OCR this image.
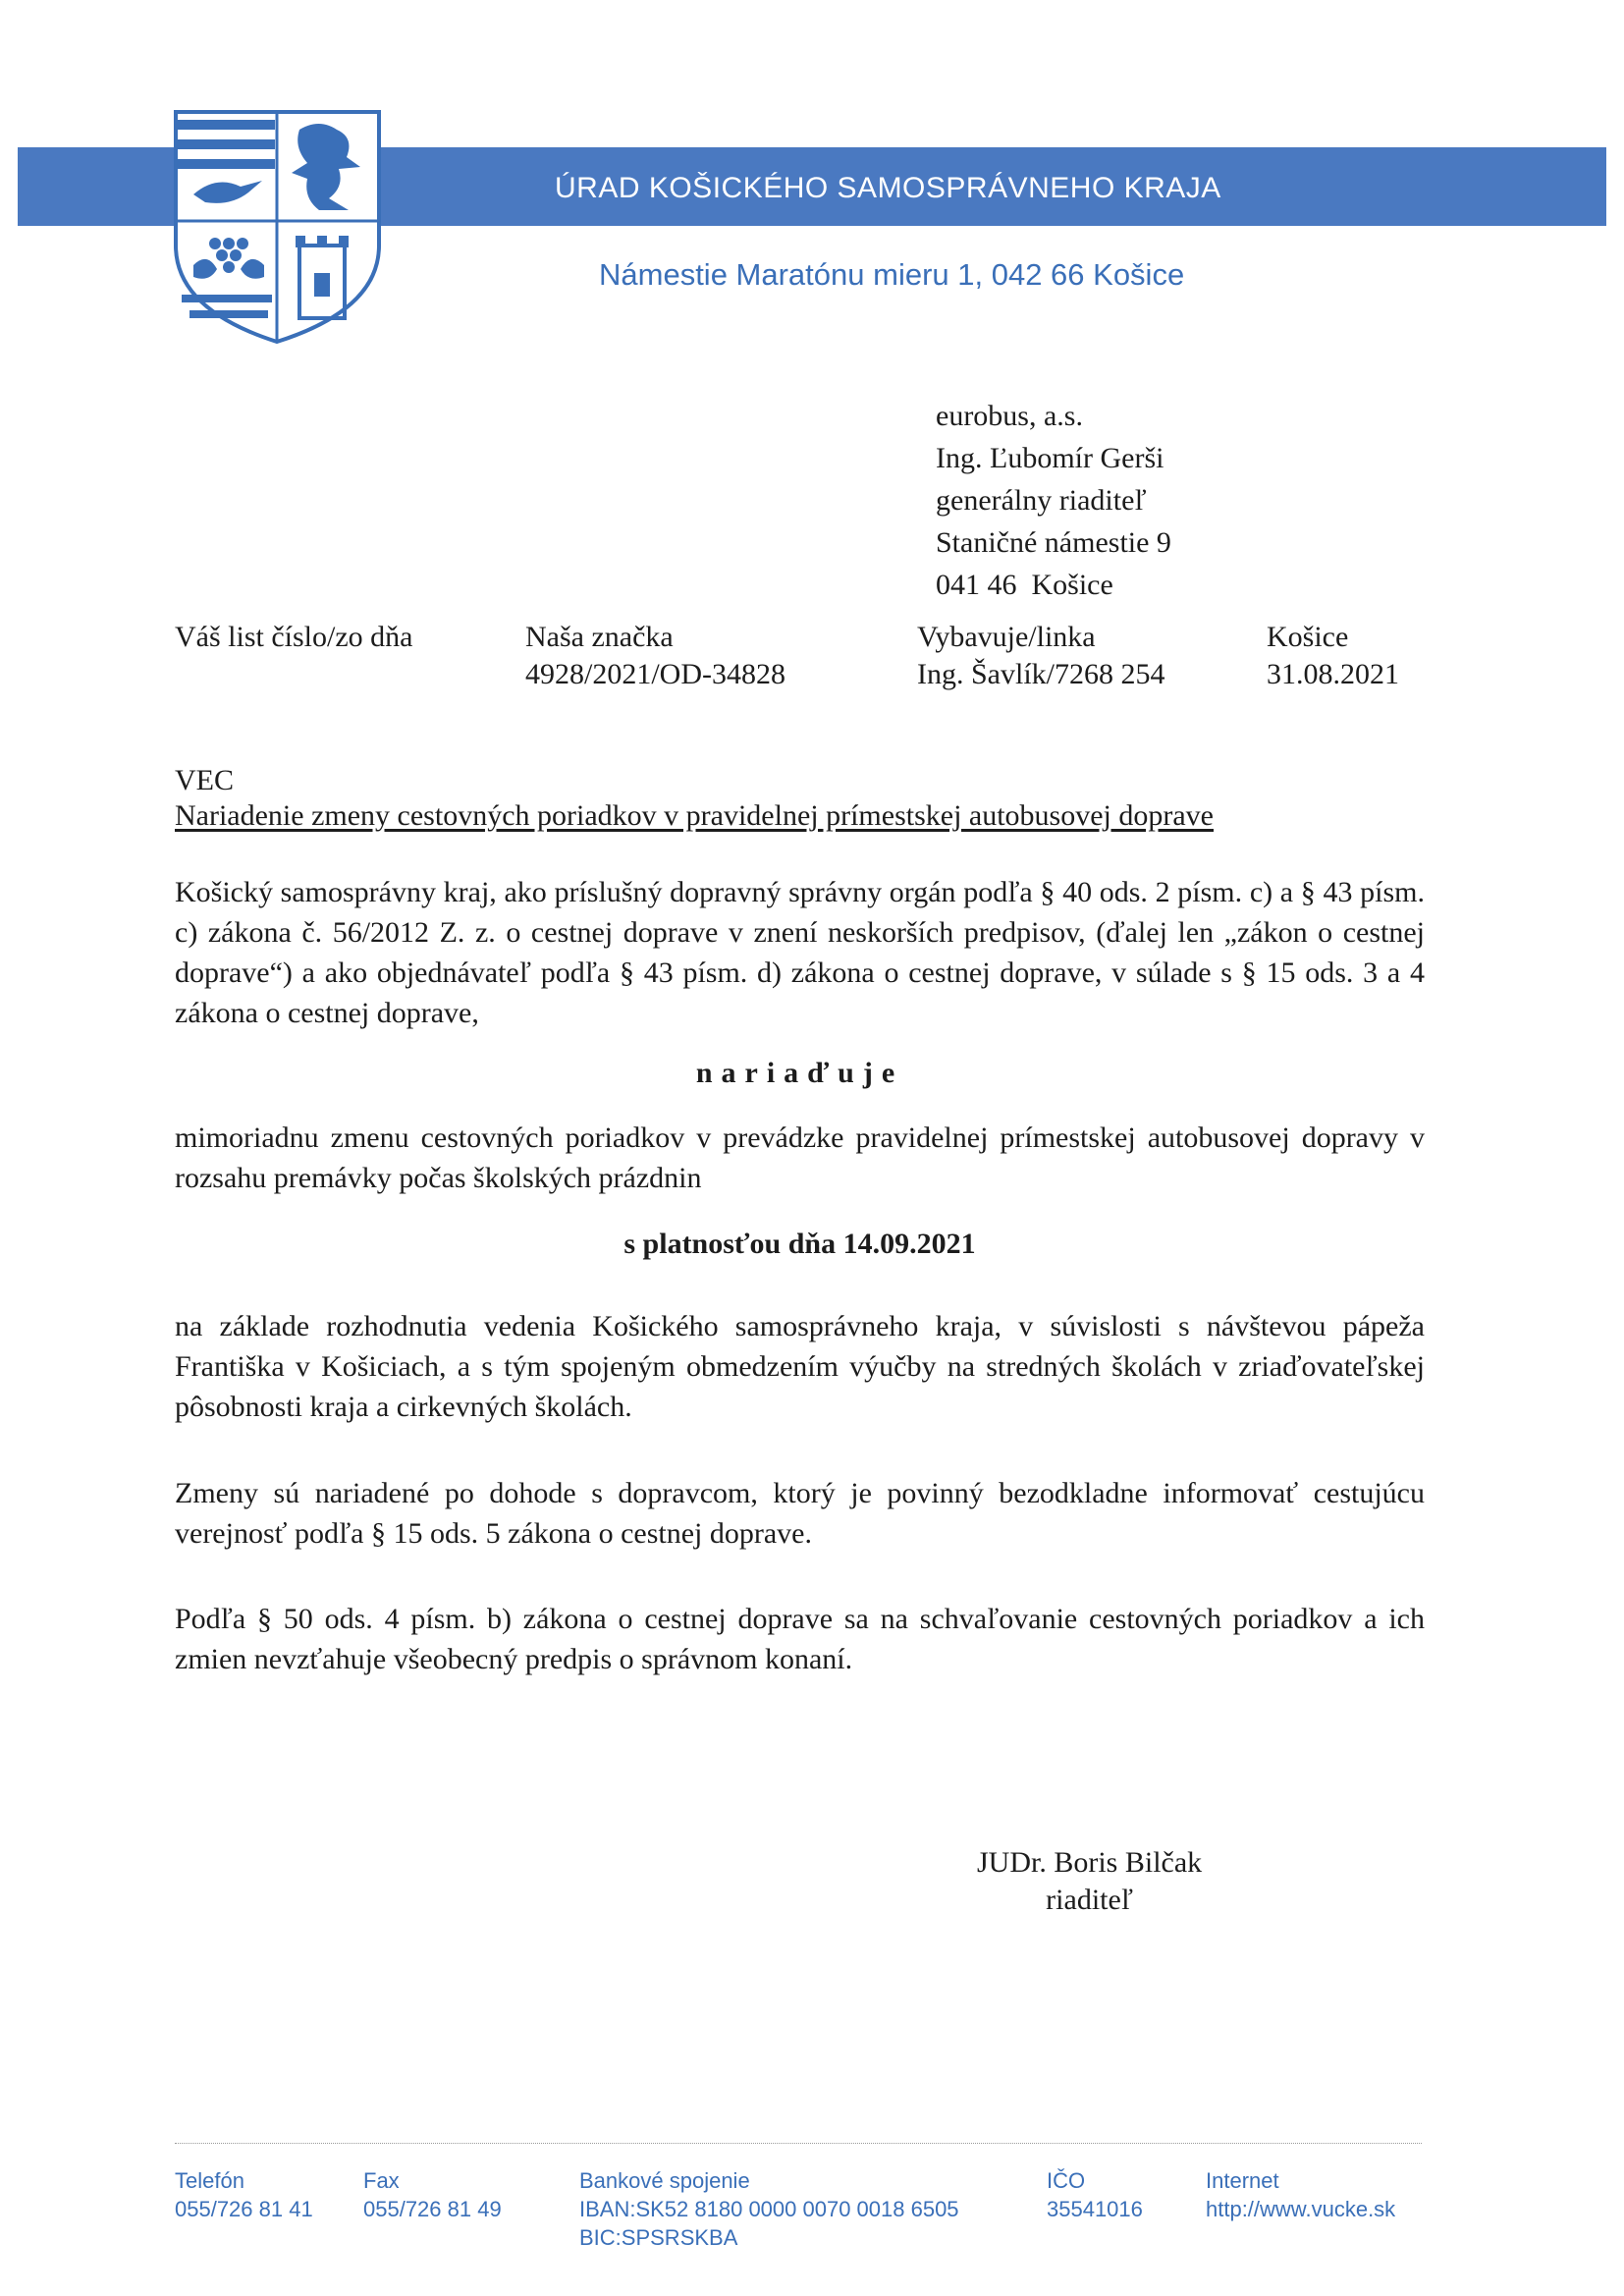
ÚRAD KOŠICKÉHO SAMOSPRÁVNEHO KRAJA
Námestie Maratónu mieru 1, 042 66 Košice
eurobus, a.s.
Ing. Ľubomír Gerši
generálny riaditeľ
Staničné námestie 9
041 46  Košice
Váš list číslo/zo dňa	Naša značka
4928/2021/OD-34828
Vybavuje/linka
Ing. Šavlík/7268 254
Košice
31.08.2021
VEC
Nariadenie zmeny cestovných poriadkov v pravidelnej prímestskej autobusovej doprave
Košický samosprávny kraj, ako príslušný dopravný správny orgán podľa § 40 ods. 2 písm. c) a § 43 písm. c) zákona č. 56/2012 Z. z. o cestnej doprave v znení neskorších predpisov, (ďalej len „zákon o cestnej doprave“) a ako objednávateľ podľa § 43 písm. d) zákona o cestnej doprave, v súlade s § 15 ods. 3 a 4 zákona o cestnej doprave,
nariaďuje
mimoriadnu zmenu cestovných poriadkov v prevádzke pravidelnej prímestskej autobusovej dopravy v rozsahu premávky počas školských prázdnin
s platnosťou dňa 14.09.2021
na základe rozhodnutia vedenia Košického samosprávneho kraja, v súvislosti s návštevou pápeža Františka v Košiciach, a s tým spojeným obmedzením výučby na stredných školách v zriaďovateľskej pôsobnosti kraja a cirkevných školách.
Zmeny sú nariadené po dohode s dopravcom, ktorý je povinný bezodkladne informovať cestujúcu verejnosť podľa § 15 ods. 5 zákona o cestnej doprave.
Podľa § 50 ods. 4 písm. b) zákona o cestnej doprave sa na schvaľovanie cestovných poriadkov a ich zmien nevzťahuje všeobecný predpis o správnom konaní.
JUDr. Boris Bilčak
riaditeľ
Telefón
055/726 81 41
Fax
055/726 81 49
Bankové spojenie
IBAN:SK52 8180 0000 0070 0018 6505
BIC:SPSRSKBA
IČO
35541016
Internet
http://www.vucke.sk
